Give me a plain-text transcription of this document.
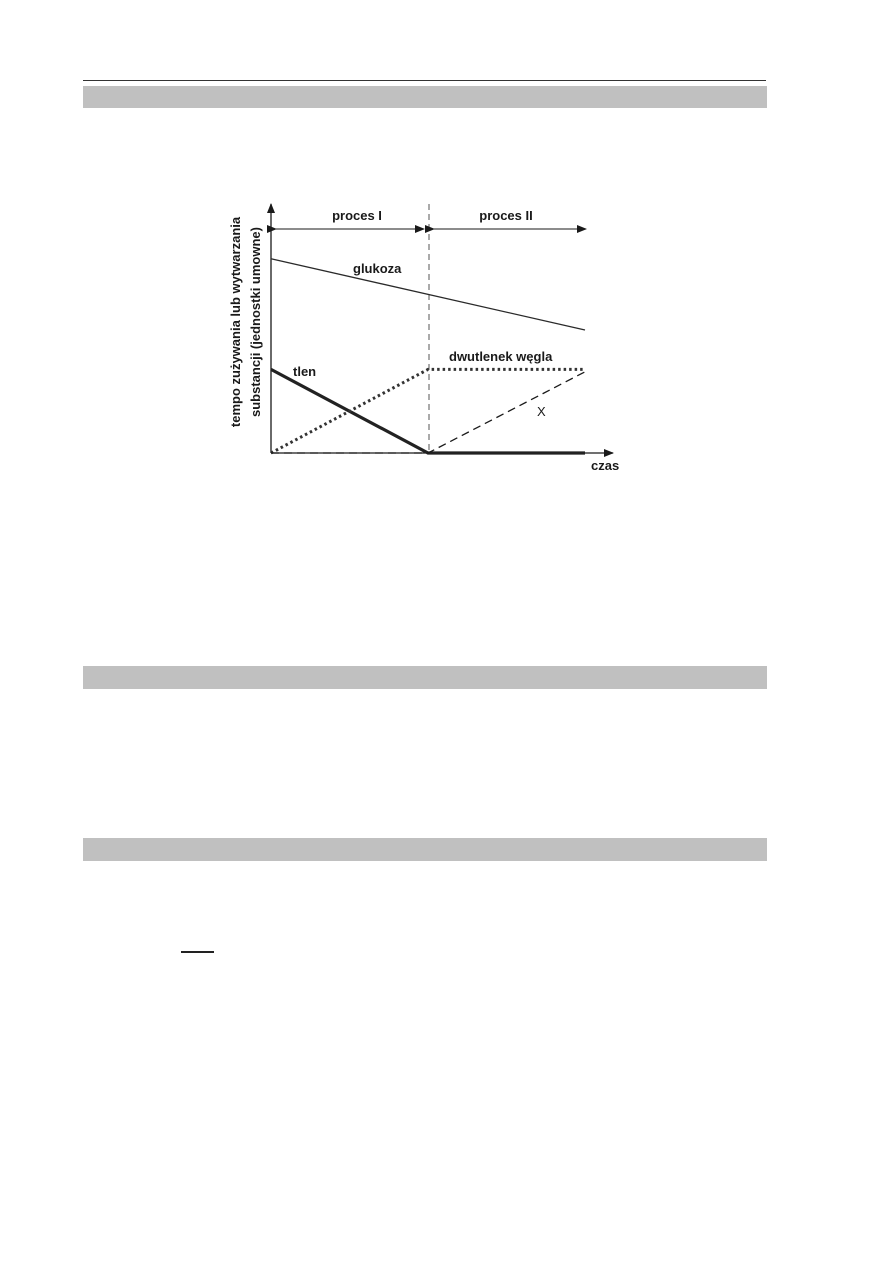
tempo zużywania lub wytwarzania substancji (jednostki umowne)
czas
proces I	proces II
glukoza
tlen
dwutlenek węgla
X
